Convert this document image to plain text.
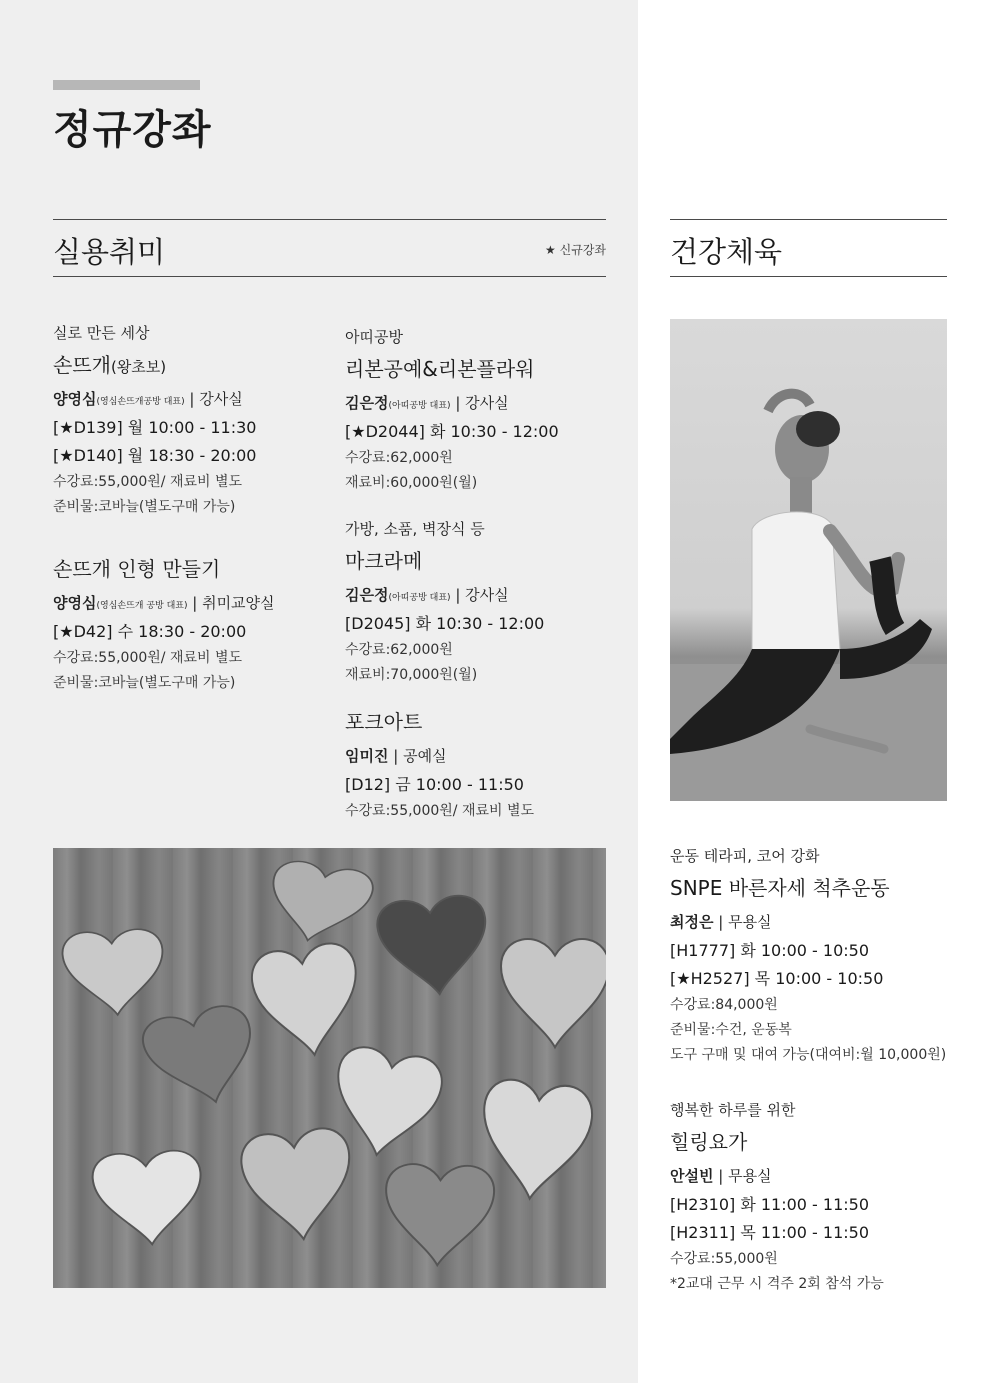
정규강좌
실용취미	★ 신규강좌 건강체육
실로 만든 세상
손뜨개(왕초보)
양영심(영심손뜨개공방 대표) | 강사실
[★D139] 월 10:00 - 11:30
[★D140] 월 18:30 - 20:00
수강료:55,000원/ 재료비 별도
준비물:코바늘(별도구매 가능)
손뜨개 인형 만들기
양영심(영심손뜨개 공방 대표) | 취미교양실
[★D42] 수 18:30 - 20:00
수강료:55,000원/ 재료비 별도
준비물:코바늘(별도구매 가능)
아띠공방
리본공예&리본플라워
김은정(아띠공방 대표) | 강사실
[★D2044] 화 10:30 - 12:00
수강료:62,000원
재료비:60,000원(월)
가방, 소품, 벽장식 등
마크라메
김은정(아띠공방 대표) | 강사실
[D2045] 화 10:30 - 12:00
수강료:62,000원
재료비:70,000원(월)
포크아트
임미진 | 공예실
[D12] 금 10:00 - 11:50
수강료:55,000원/ 재료비 별도
운동 테라피, 코어 강화
SNPE 바른자세 척추운동
최정은 | 무용실
[H1777] 화 10:00 - 10:50
[★H2527] 목 10:00 - 10:50
수강료:84,000원
준비물:수건, 운동복
도구 구매 및 대여 가능(대여비:월 10,000원)
행복한 하루를 위한
힐링요가
안설빈 | 무용실
[H2310] 화 11:00 - 11:50
[H2311] 목 11:00 - 11:50
수강료:55,000원
*2교대 근무 시 격주 2회 참석 가능
